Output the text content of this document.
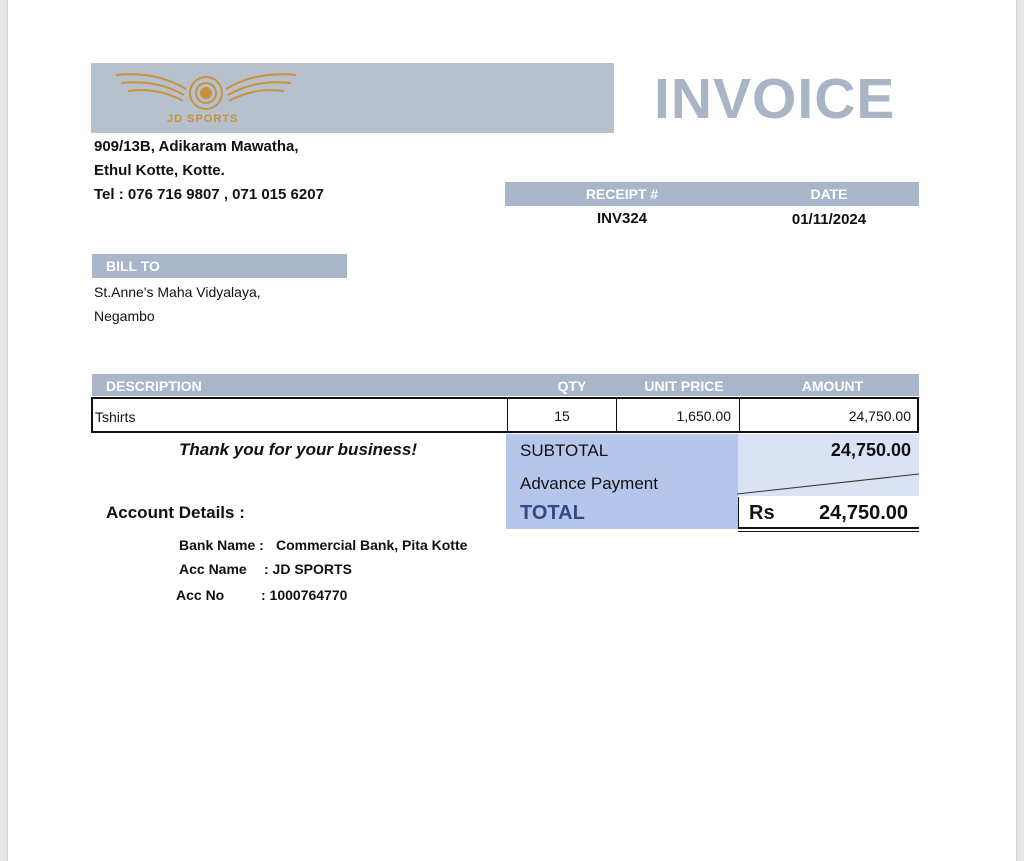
JD SPORTS	INVOICE
909/13B, Adikaram Mawatha,
Ethul Kotte, Kotte.
Tel : 076 716 9807 , 071 015 6207	RECEIPT #	DATE
INV324	01/11/2024
BILL TO
St.Anne's Maha Vidyalaya,
Negambo
DESCRIPTION	QTY	UNIT PRICE	AMOUNT
Tshirts	15	1,650.00	24,750.00
Thank you for your business!	SUBTOTAL	24,750.00
Advance Payment
TOTAL	Rs 24,750.00
Account Details :
Bank Name : Commercial Bank, Pita Kotte
Acc Name : JD SPORTS
Acc No	: 1000764770
